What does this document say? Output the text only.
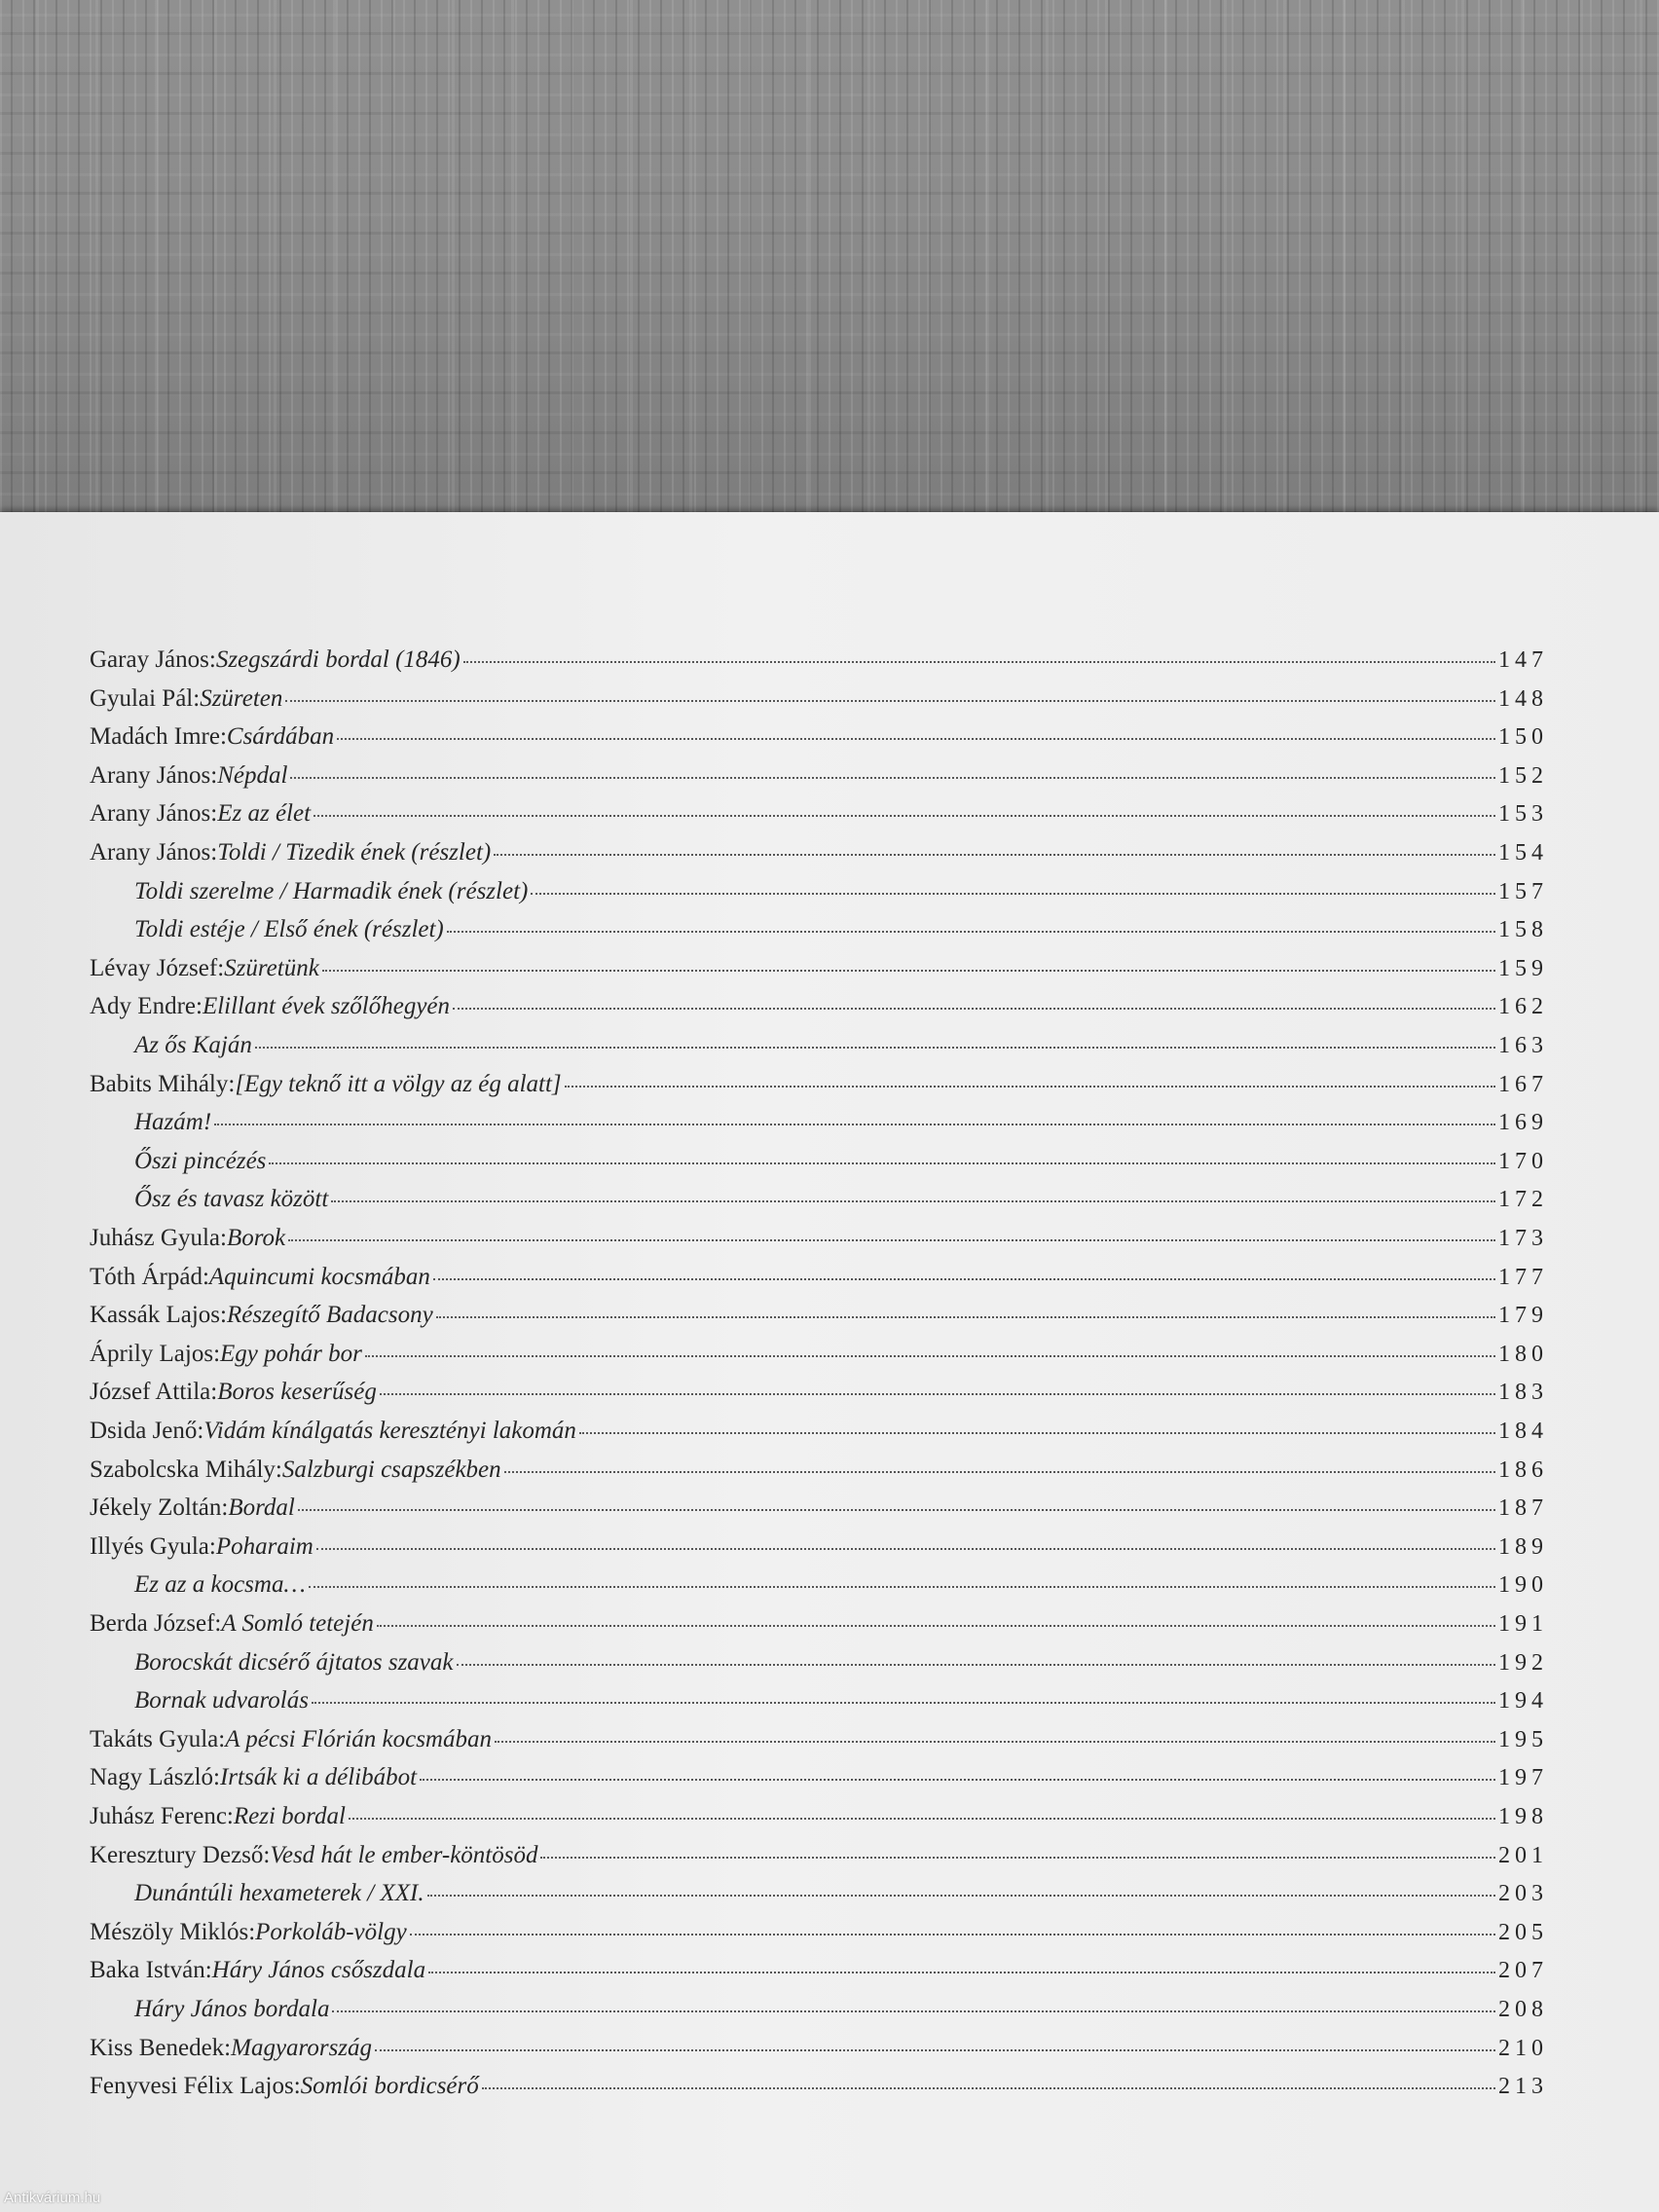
Garay János: Szegszárdi bordal (1846)	147
Gyulai Pál: Szüreten	148
Madách Imre: Csárdában	150
Arany János: Népdal	152
Arany János: Ez az élet	153
Arany János: Toldi / Tizedik ének (részlet)	154
Toldi szerelme / Harmadik ének (részlet)	157
Toldi estéje / Első ének (részlet)	158
Lévay József: Szüretünk	159
Ady Endre: Elillant évek szőlőhegyén	162
Az ős Kaján	163
Babits Mihály: [Egy teknő itt a völgy az ég alatt]	167
Hazám!	169
Őszi pincézés	170
Ősz és tavasz között	172
Juhász Gyula: Borok	173
Tóth Árpád: Aquincumi kocsmában	177
Kassák Lajos: Részegítő Badacsony	179
Áprily Lajos: Egy pohár bor	180
József Attila: Boros keserűség	183
Dsida Jenő: Vidám kínálgatás keresztényi lakomán	184
Szabolcska Mihály: Salzburgi csapszékben	186
Jékely Zoltán: Bordal	187
Illyés Gyula: Poharaim	189
Ez az a kocsma…	190
Berda József: A Somló tetején	191
Borocskát dicsérő ájtatos szavak	192
Bornak udvarolás	194
Takáts Gyula: A pécsi Flórián kocsmában	195
Nagy László: Irtsák ki a délibábot	197
Juhász Ferenc: Rezi bordal	198
Keresztury Dezső: Vesd hát le ember-köntösöd	201
Dunántúli hexameterek / XXI.	203
Mészöly Miklós: Porkoláb-völgy	205
Baka István: Háry János csőszdala	207
Háry János bordala	208
Kiss Benedek: Magyarország	210
Fenyvesi Félix Lajos: Somlói bordicsérő	213
Antikvárium.hu
